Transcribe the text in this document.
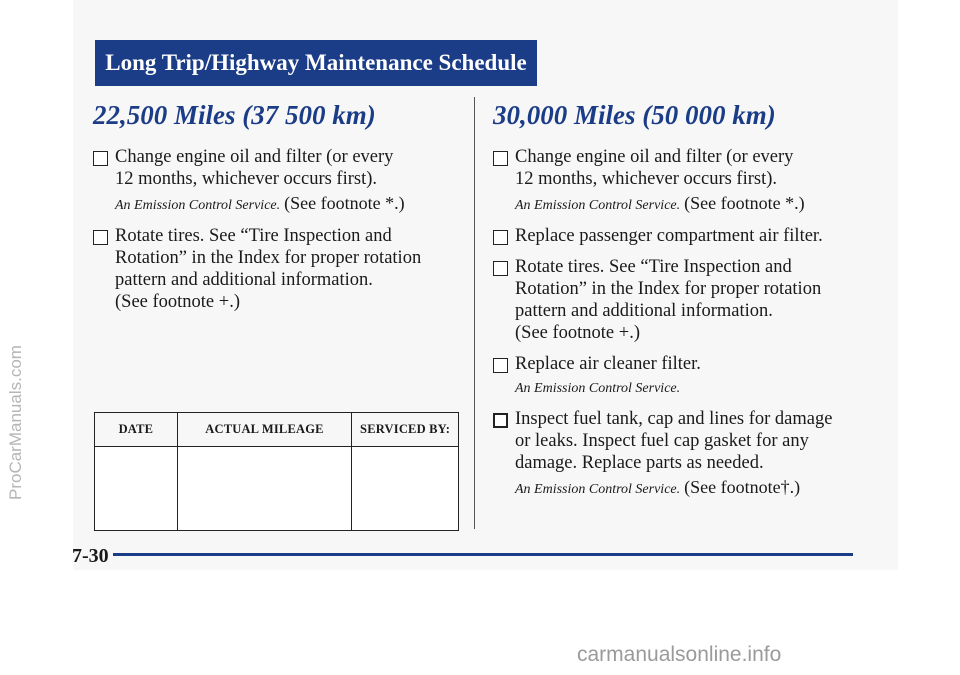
Long Trip/Highway Maintenance Schedule
22,500 Miles (37 500 km)
Change engine oil and filter (or every
12 months, whichever occurs first).
An Emission Control Service. (See footnote *.)
Rotate tires. See “Tire Inspection and
Rotation” in the Index for proper rotation
pattern and additional information.
(See footnote +.)
DATE	ACTUAL MILEAGE	SERVICED BY:

30,000 Miles (50 000 km)
Change engine oil and filter (or every
12 months, whichever occurs first).
An Emission Control Service. (See footnote *.)
Replace passenger compartment air filter.
Rotate tires. See “Tire Inspection and
Rotation” in the Index for proper rotation
pattern and additional information.
(See footnote +.)
Replace air cleaner filter.
An Emission Control Service.
Inspect fuel tank, cap and lines for damage
or leaks. Inspect fuel cap gasket for any
damage. Replace parts as needed.
An Emission Control Service. (See footnote†.)
7-30
ProCarManuals.com
carmanualsonline.info
